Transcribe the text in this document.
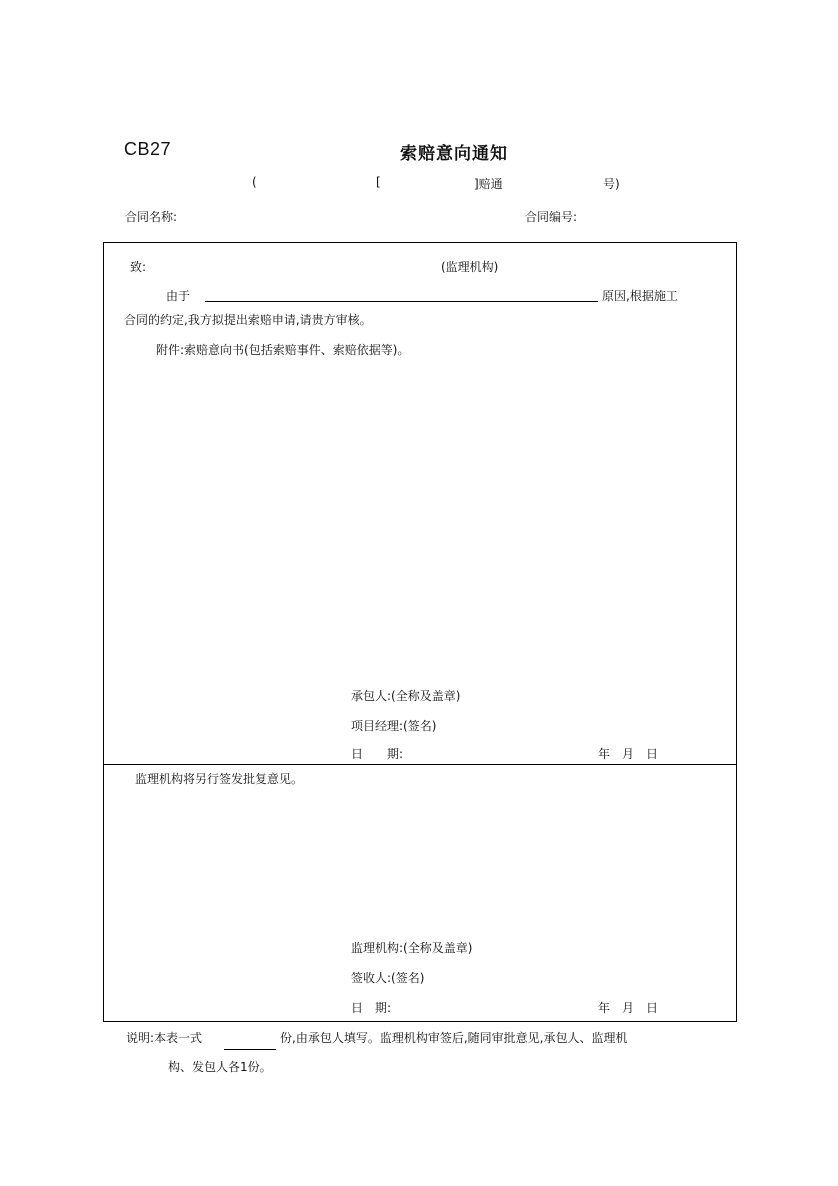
CB27	索赔意向通知
(	[	]赔通	号)
合同名称:	合同编号:
致:	(监理机构)
由于	原因,根据施工
合同的约定,我方拟提出索赔申请,请贵方审核。
附件:索赔意向书(包括索赔事件、索赔依据等)。
承包人:(全称及盖章)
项目经理:(签名)
日　　期:	年　月　日
监理机构将另行签发批复意见。
监理机构:(全称及盖章)
签收人:(签名)
日　期:	年　月　日
说明:本表一式	份,由承包人填写。监理机构审签后,随同审批意见,承包人、监理机
构、发包人各1份。
